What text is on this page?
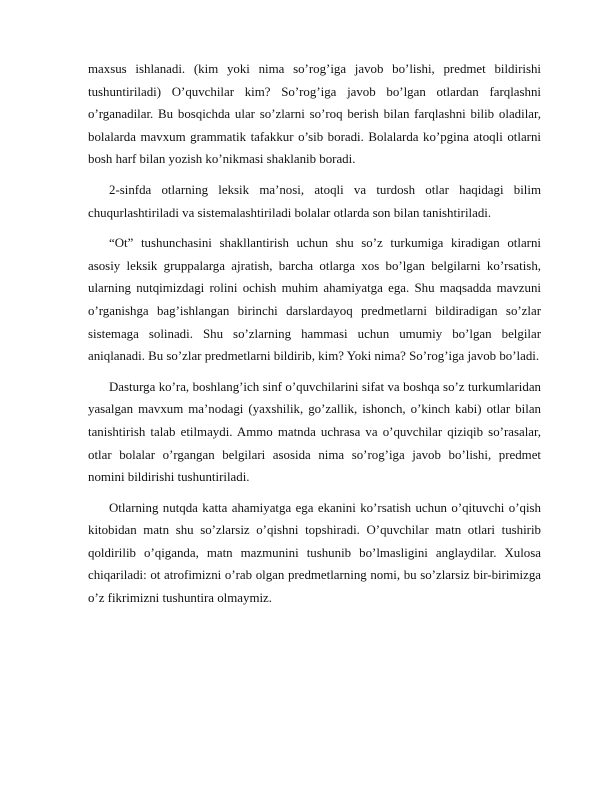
maxsus ishlanadi. (kim yoki nima so’rog’iga javob bo’lishi, predmet bildirishi tushuntiriladi) O’quvchilar kim? So’rog’iga javob bo’lgan otlardan farqlashni o’rganadilar. Bu bosqichda ular so’zlarni so’roq berish bilan farqlashni bilib oladilar, bolalarda mavxum grammatik tafakkur o’sib boradi. Bolalarda ko’pgina atoqli otlarni bosh harf bilan yozish ko’nikmasi shaklanib boradi.

2-sinfda otlarning leksik ma’nosi, atoqli va turdosh otlar haqidagi bilim chuqurlashtiriladi va sistemalashtiriladi bolalar otlarda son bilan tanishtiriladi.

“Ot” tushunchasini shakllantirish uchun shu so’z turkumiga kiradigan otlarni asosiy leksik gruppalarga ajratish, barcha otlarga xos bo’lgan belgilarni ko’rsatish, ularning nutqimizdagi rolini ochish muhim ahamiyatga ega. Shu maqsadda mavzuni o’rganishga bag’ishlangan birinchi darslardayoq predmetlarni bildiradigan so’zlar sistemaga solinadi. Shu so’zlarning hammasi uchun umumiy bo’lgan belgilar aniqlanadi. Bu so’zlar predmetlarni bildirib, kim? Yoki nima? So’rog’iga javob bo’ladi.

Dasturga ko’ra, boshlang’ich sinf o’quvchilarini sifat va boshqa so’z turkumlaridan yasalgan mavxum ma’nodagi (yaxshilik, go’zallik, ishonch, o’kinch kabi) otlar bilan tanishtirish talab etilmaydi. Ammo matnda uchrasa va o’quvchilar qiziqib so’rasalar, otlar bolalar o’rgangan belgilari asosida nima so’rog’iga javob bo’lishi, predmet nomini bildirishi tushuntiriladi.

Otlarning nutqda katta ahamiyatga ega ekanini ko’rsatish uchun o’qituvchi o’qish kitobidan matn shu so’zlarsiz o’qishni topshiradi. O’quvchilar matn otlari tushirib qoldirilib o’qiganda, matn mazmunini tushunib bo’lmasligini anglaydilar. Xulosa chiqariladi: ot atrofimizni o’rab olgan predmetlarning nomi, bu so’zlarsiz bir-birimizga o’z fikrimizni tushuntira olmaymiz.
